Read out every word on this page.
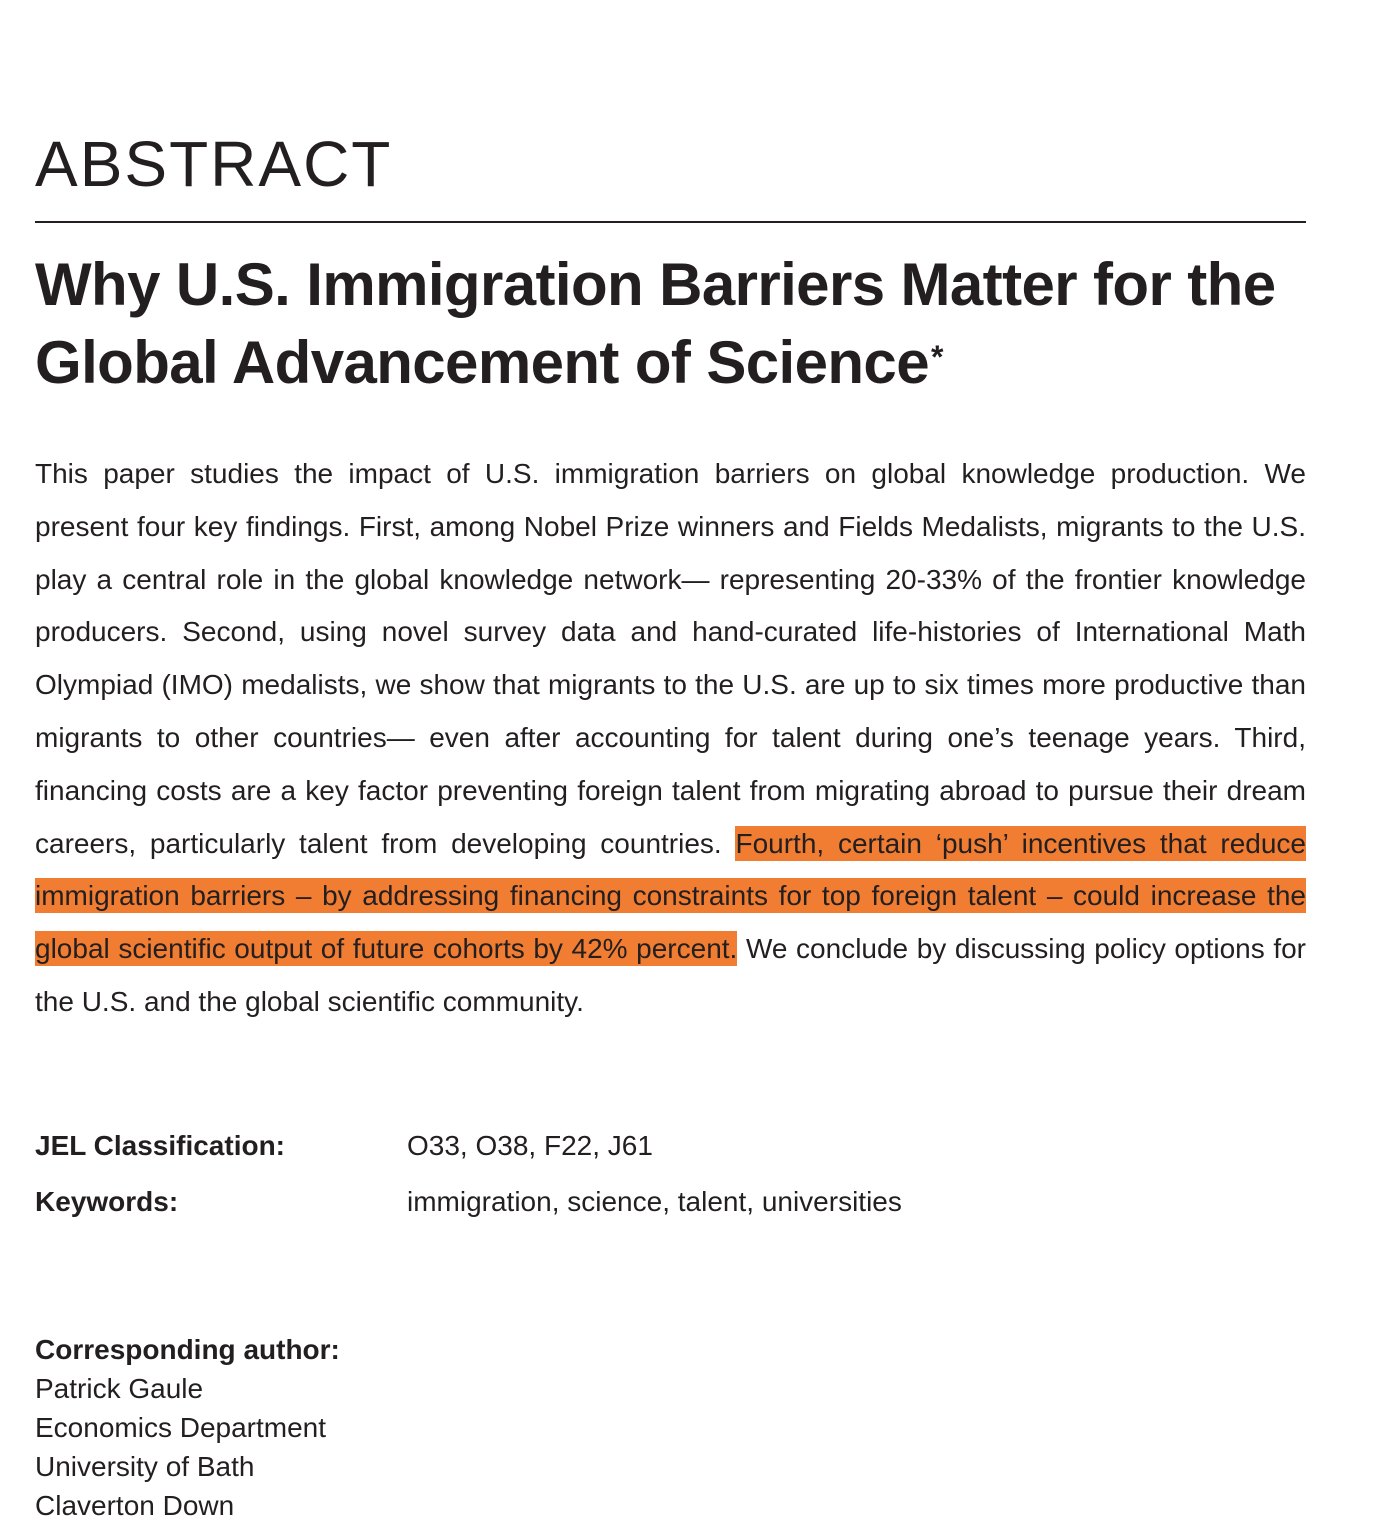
ABSTRACT
Why U.S. Immigration Barriers Matter for the Global Advancement of Science*

This paper studies the impact of U.S. immigration barriers on global knowledge production. We present four key findings. First, among Nobel Prize winners and Fields Medalists, migrants to the U.S. play a central role in the global knowledge network— representing 20-33% of the frontier knowledge producers. Second, using novel survey data and hand-curated life-histories of International Math Olympiad (IMO) medalists, we show that migrants to the U.S. are up to six times more productive than migrants to other countries— even after accounting for talent during one’s teenage years. Third, financing costs are a key factor preventing foreign talent from migrating abroad to pursue their dream careers, particularly talent from developing countries. Fourth, certain ‘push’ incentives that reduce immigration barriers – by addressing financing constraints for top foreign talent – could increase the global scientific output of future cohorts by 42% percent. We conclude by discussing policy options for the U.S. and the global scientific community.

JEL Classification:	O33, O38, F22, J61
Keywords:	immigration, science, talent, universities
Corresponding author:
Patrick Gaule
Economics Department
University of Bath
Claverton Down
